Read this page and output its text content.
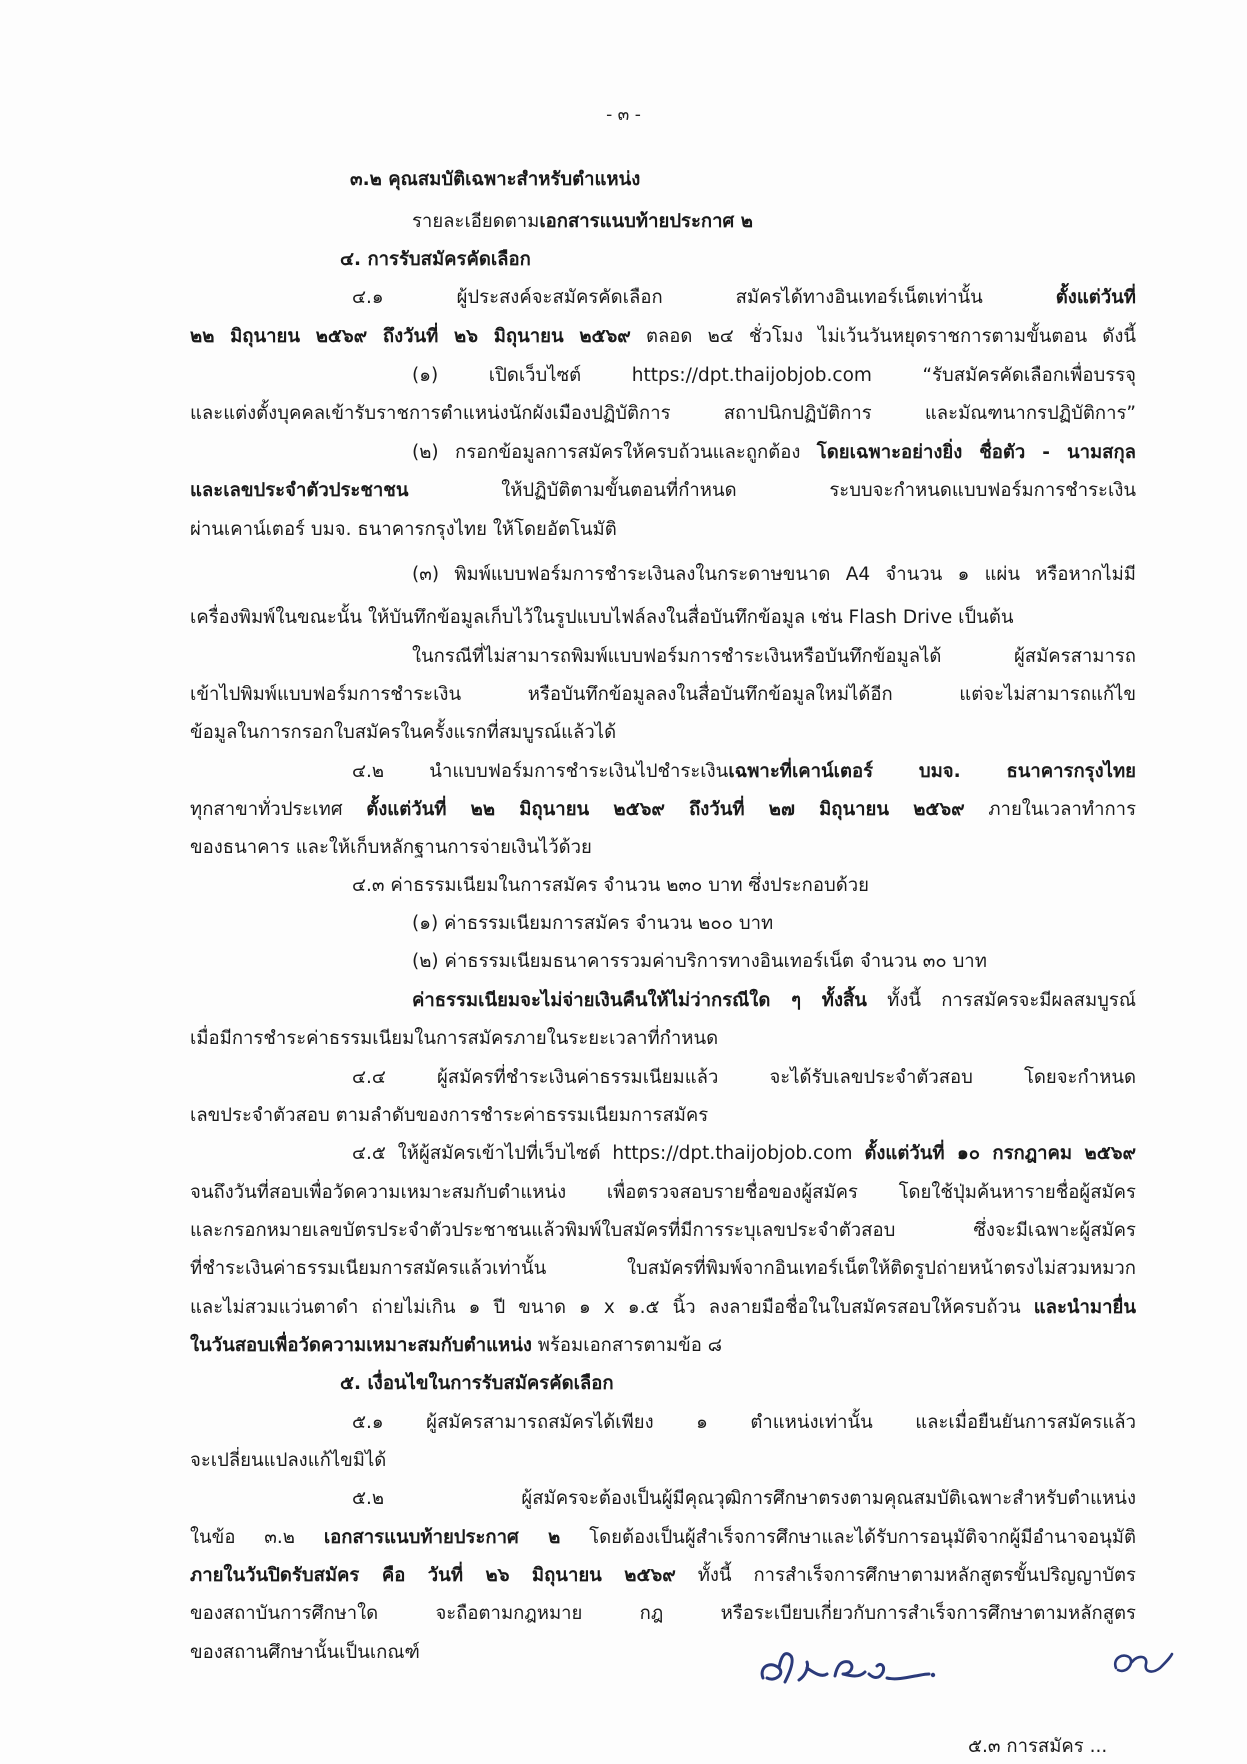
- ๓ -
๓.๒ คุณสมบัติเฉพาะสำหรับตำแหน่ง
รายละเอียดตามเอกสารแนบท้ายประกาศ ๒
๔. การรับสมัครคัดเลือก
๔.๑ ผู้ประสงค์จะสมัครคัดเลือก สมัครได้ทางอินเทอร์เน็ตเท่านั้น ตั้งแต่วันที่
๒๒ มิถุนายน ๒๕๖๙ ถึงวันที่ ๒๖ มิถุนายน ๒๕๖๙ ตลอด ๒๔ ชั่วโมง ไม่เว้นวันหยุดราชการตามขั้นตอน ดังนี้
(๑) เปิดเว็บไซต์ https://dpt.thaijobjob.com “รับสมัครคัดเลือกเพื่อบรรจุ
และแต่งตั้งบุคคลเข้ารับราชการตำแหน่งนักผังเมืองปฏิบัติการ สถาปนิกปฏิบัติการ และมัณฑนากรปฏิบัติการ”
(๒) กรอกข้อมูลการสมัครให้ครบถ้วนและถูกต้อง โดยเฉพาะอย่างยิ่ง ชื่อตัว - นามสกุล
และเลขประจำตัวประชาชน ให้ปฏิบัติตามขั้นตอนที่กำหนด ระบบจะกำหนดแบบฟอร์มการชำระเงิน
ผ่านเคาน์เตอร์ บมจ. ธนาคารกรุงไทย ให้โดยอัตโนมัติ
(๓) พิมพ์แบบฟอร์มการชำระเงินลงในกระดาษขนาด A4 จำนวน ๑ แผ่น หรือหากไม่มี
เครื่องพิมพ์ในขณะนั้น ให้บันทึกข้อมูลเก็บไว้ในรูปแบบไฟล์ลงในสื่อบันทึกข้อมูล เช่น Flash Drive เป็นต้น
ในกรณีที่ไม่สามารถพิมพ์แบบฟอร์มการชำระเงินหรือบันทึกข้อมูลได้ ผู้สมัครสามารถ
เข้าไปพิมพ์แบบฟอร์มการชำระเงิน หรือบันทึกข้อมูลลงในสื่อบันทึกข้อมูลใหม่ได้อีก แต่จะไม่สามารถแก้ไข
ข้อมูลในการกรอกใบสมัครในครั้งแรกที่สมบูรณ์แล้วได้
๔.๒ นำแบบฟอร์มการชำระเงินไปชำระเงินเฉพาะที่เคาน์เตอร์ บมจ. ธนาคารกรุงไทย
ทุกสาขาทั่วประเทศ ตั้งแต่วันที่ ๒๒ มิถุนายน ๒๕๖๙ ถึงวันที่ ๒๗ มิถุนายน ๒๕๖๙ ภายในเวลาทำการ
ของธนาคาร และให้เก็บหลักฐานการจ่ายเงินไว้ด้วย
๔.๓ ค่าธรรมเนียมในการสมัคร จำนวน ๒๓๐ บาท ซึ่งประกอบด้วย
(๑) ค่าธรรมเนียมการสมัคร จำนวน ๒๐๐ บาท
(๒) ค่าธรรมเนียมธนาคารรวมค่าบริการทางอินเทอร์เน็ต จำนวน ๓๐ บาท
ค่าธรรมเนียมจะไม่จ่ายเงินคืนให้ไม่ว่ากรณีใด ๆ ทั้งสิ้น ทั้งนี้ การสมัครจะมีผลสมบูรณ์
เมื่อมีการชำระค่าธรรมเนียมในการสมัครภายในระยะเวลาที่กำหนด
๔.๔ ผู้สมัครที่ชำระเงินค่าธรรมเนียมแล้ว จะได้รับเลขประจำตัวสอบ โดยจะกำหนด
เลขประจำตัวสอบ ตามลำดับของการชำระค่าธรรมเนียมการสมัคร
๔.๕ ให้ผู้สมัครเข้าไปที่เว็บไซต์ https://dpt.thaijobjob.com ตั้งแต่วันที่ ๑๐ กรกฎาคม ๒๕๖๙
จนถึงวันที่สอบเพื่อวัดความเหมาะสมกับตำแหน่ง เพื่อตรวจสอบรายชื่อของผู้สมัคร โดยใช้ปุ่มค้นหารายชื่อผู้สมัคร
และกรอกหมายเลขบัตรประจำตัวประชาชนแล้วพิมพ์ใบสมัครที่มีการระบุเลขประจำตัวสอบ ซึ่งจะมีเฉพาะผู้สมัคร
ที่ชำระเงินค่าธรรมเนียมการสมัครแล้วเท่านั้น ใบสมัครที่พิมพ์จากอินเทอร์เน็ตให้ติดรูปถ่ายหน้าตรงไม่สวมหมวก
และไม่สวมแว่นตาดำ ถ่ายไม่เกิน ๑ ปี ขนาด ๑ x ๑.๕ นิ้ว ลงลายมือชื่อในใบสมัครสอบให้ครบถ้วน และนำมายื่น
ในวันสอบเพื่อวัดความเหมาะสมกับตำแหน่ง พร้อมเอกสารตามข้อ ๘
๕. เงื่อนไขในการรับสมัครคัดเลือก
๕.๑ ผู้สมัครสามารถสมัครได้เพียง ๑ ตำแหน่งเท่านั้น และเมื่อยืนยันการสมัครแล้ว
จะเปลี่ยนแปลงแก้ไขมิได้
๕.๒ ผู้สมัครจะต้องเป็นผู้มีคุณวุฒิการศึกษาตรงตามคุณสมบัติเฉพาะสำหรับตำแหน่ง
ในข้อ ๓.๒ เอกสารแนบท้ายประกาศ ๒ โดยต้องเป็นผู้สำเร็จการศึกษาและได้รับการอนุมัติจากผู้มีอำนาจอนุมัติ
ภายในวันปิดรับสมัคร คือ วันที่ ๒๖ มิถุนายน ๒๕๖๙ ทั้งนี้ การสำเร็จการศึกษาตามหลักสูตรขั้นปริญญาบัตร
ของสถาบันการศึกษาใด จะถือตามกฎหมาย กฎ หรือระเบียบเกี่ยวกับการสำเร็จการศึกษาตามหลักสูตร
ของสถานศึกษานั้นเป็นเกณฑ์
๕.๓ การสมัคร ...
